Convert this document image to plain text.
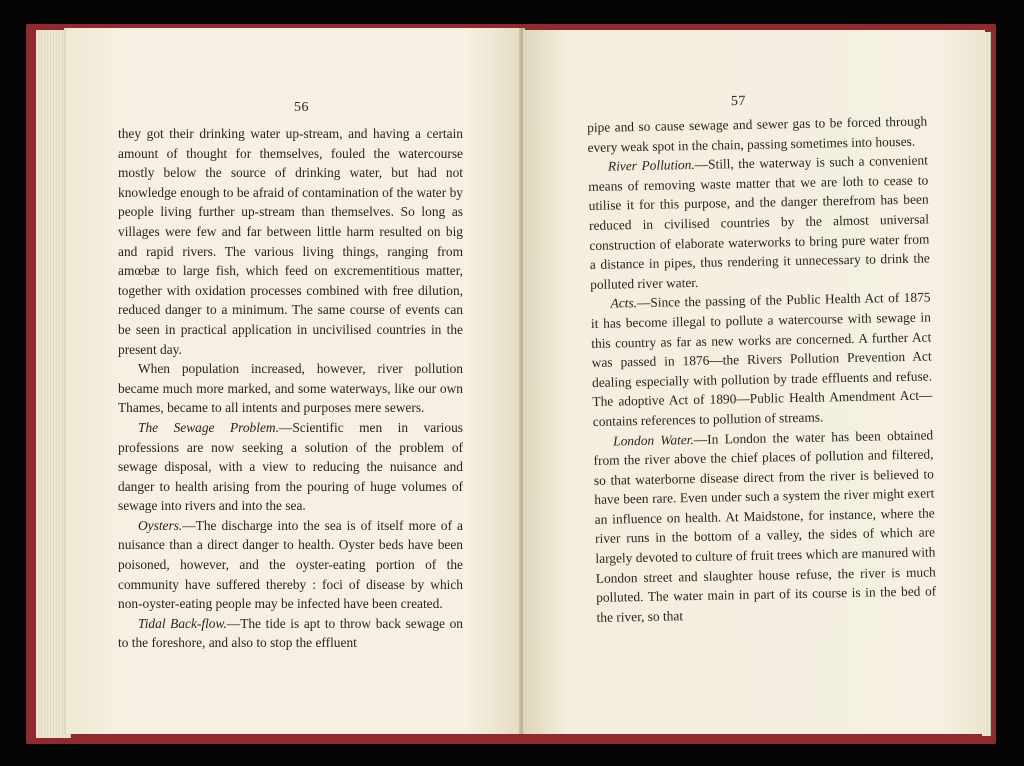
56

they got their drinking water up-stream, and having a certain amount of thought for themselves, fouled the watercourse mostly below the source of drinking water, but had not knowledge enough to be afraid of contamination of the water by people living further up-stream than themselves. So long as villages were few and far between little harm resulted on big and rapid rivers. The various living things, ranging from amœbæ to large fish, which feed on excrementitious matter, together with oxidation processes combined with free dilution, reduced danger to a minimum. The same course of events can be seen in practical application in uncivilised countries in the present day.

When population increased, however, river pollution became much more marked, and some waterways, like our own Thames, became to all intents and purposes mere sewers.

The Sewage Problem.—Scientific men in various professions are now seeking a solution of the problem of sewage disposal, with a view to reducing the nuisance and danger to health arising from the pouring of huge volumes of sewage into rivers and into the sea.

Oysters.—The discharge into the sea is of itself more of a nuisance than a direct danger to health. Oyster beds have been poisoned, however, and the oyster-eating portion of the community have suffered thereby : foci of disease by which non-oyster-eating people may be infected have been created.

Tidal Back-flow.—The tide is apt to throw back sewage on to the foreshore, and also to stop the effluent

57

pipe and so cause sewage and sewer gas to be forced through every weak spot in the chain, passing sometimes into houses.

River Pollution.—Still, the waterway is such a convenient means of removing waste matter that we are loth to cease to utilise it for this purpose, and the danger therefrom has been reduced in civilised countries by the almost universal construction of elaborate waterworks to bring pure water from a distance in pipes, thus rendering it unnecessary to drink the polluted river water.

Acts.—Since the passing of the Public Health Act of 1875 it has become illegal to pollute a watercourse with sewage in this country as far as new works are concerned. A further Act was passed in 1876—the Rivers Pollution Prevention Act dealing especially with pollution by trade effluents and refuse. The adoptive Act of 1890—Public Health Amendment Act—contains references to pollution of streams.

London Water.—In London the water has been obtained from the river above the chief places of pollution and filtered, so that waterborne disease direct from the river is believed to have been rare. Even under such a system the river might exert an influence on health. At Maidstone, for instance, where the river runs in the bottom of a valley, the sides of which are largely devoted to culture of fruit trees which are manured with London street and slaughter house refuse, the river is much polluted. The water main in part of its course is in the bed of the river, so that
